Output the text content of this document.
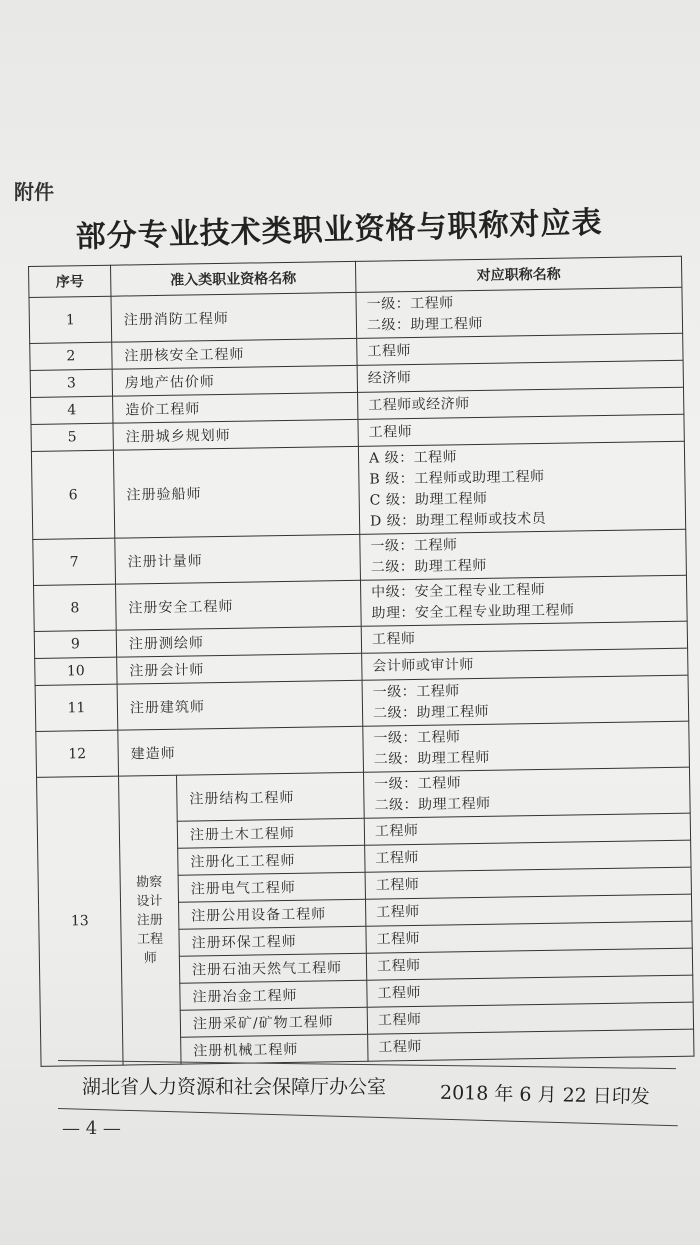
附件
部分专业技术类职业资格与职称对应表
序号	准入类职业资格名称		对应职称名称
1	注册消防工程师		一级：工程师
二级：助理工程师

2	注册核安全工程师		工程师

3	房地产估价师		经济师

4	造价工程师		工程师或经济师

5	注册城乡规划师		工程师

6	注册验船师		A 级：工程师
B 级：工程师或助理工程师
C 级：助理工程师
D 级：助理工程师或技术员

7	注册计量师		一级：工程师
二级：助理工程师

8	注册安全工程师		中级：安全工程专业工程师
助理：安全工程专业助理工程师

9	注册测绘师		工程师

10	注册会计师		会计师或审计师

11	注册建筑师		一级：工程师
二级：助理工程师

12	建造师		一级：工程师
二级：助理工程师

13	勘察
设计
注册
工程
师	注册结构工程师	一级：工程师
二级：助理工程师

		注册土木工程师	工程师

		注册化工工程师	工程师

		注册电气工程师	工程师

		注册公用设备工程师	工程师

		注册环保工程师	工程师

		注册石油天然气工程师	工程师

		注册冶金工程师	工程师

		注册采矿/矿物工程师	工程师

		注册机械工程师	工程师
湖北省人力资源和社会保障厅办公室	2018 年 6 月 22 日印发
— 4 —
